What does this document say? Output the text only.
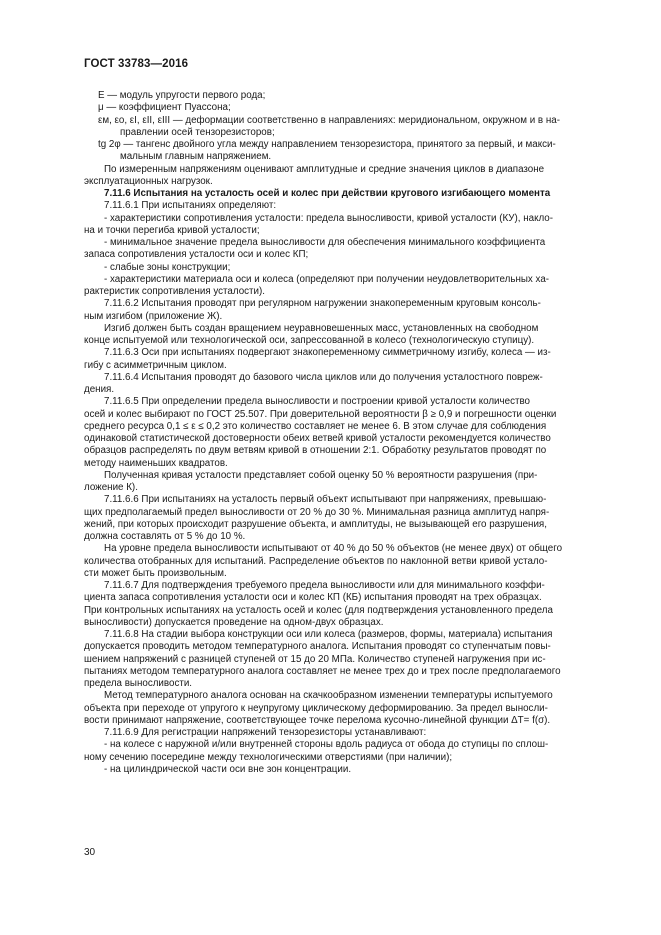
ГОСТ 33783—2016

E — модуль упругости первого рода;

μ — коэффициент Пуассона;

εм, εо, εI, εII, εIII — деформации соответственно в направлениях: меридиональном, окружном и в на-

правлении осей тензорезисторов;

tg 2φ — тангенс двойного угла между направлением тензорезистора, принятого за первый, и макси-

мальным главным напряжением.

По измеренным напряжениям оценивают амплитудные и средние значения циклов в диапазоне

эксплуатационных нагрузок.

7.11.6 Испытания на усталость осей и колес при действии кругового изгибающего момента

7.11.6.1 При испытаниях определяют:

- характеристики сопротивления усталости: предела выносливости, кривой усталости (КУ), накло-

на и точки перегиба кривой усталости;

- минимальное значение предела выносливости для обеспечения минимального коэффициента

запаса сопротивления усталости оси и колес КП;

- слабые зоны конструкции;

- характеристики материала оси и колеса (определяют при получении неудовлетворительных ха-

рактеристик сопротивления усталости).

7.11.6.2 Испытания проводят при регулярном нагружении знакопеременным круговым консоль-

ным изгибом (приложение Ж).

Изгиб должен быть создан вращением неуравновешенных масс, установленных на свободном

конце испытуемой или технологической оси, запрессованной в колесо (технологическую ступицу).

7.11.6.3 Оси при испытаниях подвергают знакопеременному симметричному изгибу, колеса — из-

гибу с асимметричным циклом.

7.11.6.4 Испытания проводят до базового числа циклов или до получения усталостного повреж-

дения.

7.11.6.5 При определении предела выносливости и построении кривой усталости количество

осей и колес выбирают по ГОСТ 25.507. При доверительной вероятности β ≥ 0,9 и погрешности оценки

среднего ресурса 0,1 ≤ ε ≤ 0,2 это количество составляет не менее 6. В этом случае для соблюдения

одинаковой статистической достоверности обеих ветвей кривой усталости рекомендуется количество

образцов распределять по двум ветвям кривой в отношении 2:1. Обработку результатов проводят по

методу наименьших квадратов.

Полученная кривая усталости представляет собой оценку 50 % вероятности разрушения (при-

ложение К).

7.11.6.6 При испытаниях на усталость первый объект испытывают при напряжениях, превышаю-

щих предполагаемый предел выносливости от 20 % до 30 %. Минимальная разница амплитуд напря-

жений, при которых происходит разрушение объекта, и амплитуды, не вызывающей его разрушения,

должна составлять от 5 % до 10 %.

На уровне предела выносливости испытывают от 40 % до 50 % объектов (не менее двух) от общего

количества отобранных для испытаний. Распределение объектов по наклонной ветви кривой устало-

сти может быть произвольным.

7.11.6.7 Для подтверждения требуемого предела выносливости или для минимального коэффи-

циента запаса сопротивления усталости оси и колес КП (КБ) испытания проводят на трех образцах.

При контрольных испытаниях на усталость осей и колес (для подтверждения установленного предела

выносливости) допускается проведение на одном-двух образцах.

7.11.6.8 На стадии выбора конструкции оси или колеса (размеров, формы, материала) испытания

допускается проводить методом температурного аналога. Испытания проводят со ступенчатым повы-

шением напряжений с разницей ступеней от 15 до 20 МПа. Количество ступеней нагружения при ис-

пытаниях методом температурного аналога составляет не менее трех до и трех после предполагаемого

предела выносливости.

Метод температурного аналога основан на скачкообразном изменении температуры испытуемого

объекта при переходе от упругого к неупругому циклическому деформированию. За предел выносли-

вости принимают напряжение, соответствующее точке перелома кусочно-линейной функции ΔT= f(σ).

7.11.6.9 Для регистрации напряжений тензорезисторы устанавливают:

- на колесе с наружной и/или внутренней стороны вдоль радиуса от обода до ступицы по сплош-

ному сечению посередине между технологическими отверстиями (при наличии);

- на цилиндрической части оси вне зон концентрации.

30
